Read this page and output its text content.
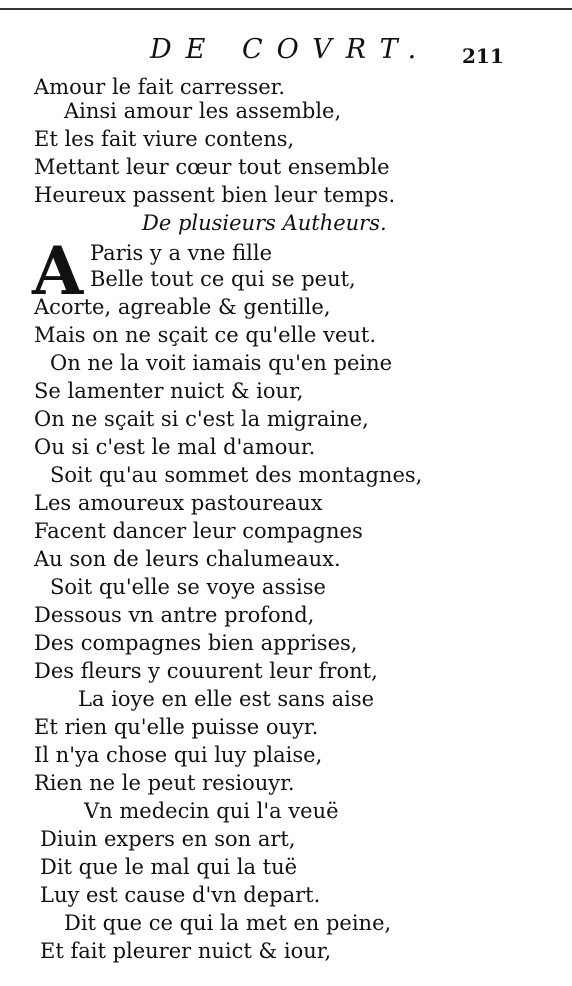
DE COVRT. 211
Amour le fait carresser.
Ainsi amour les assemble,
Et les fait viure contens,
Mettant leur cœur tout ensemble
Heureux passent bien leur temps.
De plusieurs Autheurs.
A Paris y a vne fille
Belle tout ce qui se peut,
Acorte, agreable & gentille,
Mais on ne sçait ce qu'elle veut.
On ne la voit iamais qu'en peine
Se lamenter nuict & iour,
On ne sçait si c'est la migraine,
Ou si c'est le mal d'amour.
Soit qu'au sommet des montagnes,
Les amoureux pastoureaux
Facent dancer leur compagnes
Au son de leurs chalumeaux.
Soit qu'elle se voye assise
Dessous vn antre profond,
Des compagnes bien apprises,
Des fleurs y couurent leur front,
La ioye en elle est sans aise
Et rien qu'elle puisse ouyr.
Il n'ya chose qui luy plaise,
Rien ne le peut resiouyr.
Vn medecin qui l'a veuë
Diuin expers en son art,
Dit que le mal qui la tuë
Luy est cause d'vn depart.
Dit que ce qui la met en peine,
Et fait pleurer nuict & iour,
